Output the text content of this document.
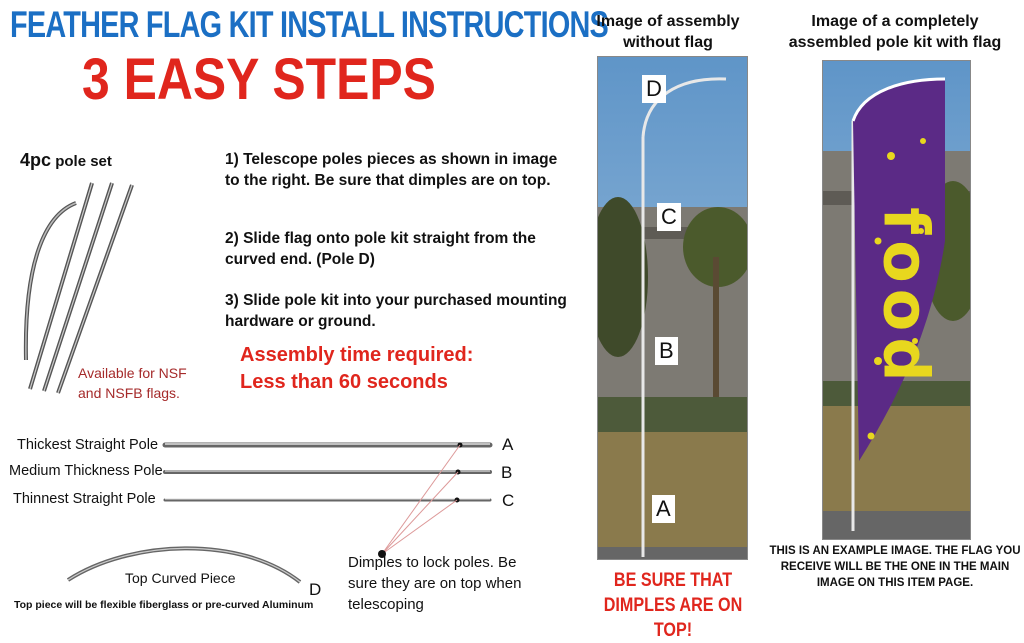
FEATHER FLAG KIT INSTALL INSTRUCTIONS
3 EASY STEPS
4pc pole set
Available for NSF and NSFB flags.
1) Telescope poles pieces as shown in image to the right. Be sure that dimples are on top.
2) Slide flag onto pole kit straight from the curved end. (Pole D)
3) Slide pole kit into your purchased mounting hardware or ground.
Assembly time required:
Less than 60 seconds
Thickest Straight Pole
Medium Thickness Pole
Thinnest Straight Pole
A
B
C
Top Curved Piece
D
Dimples to lock poles. Be sure they are on top when telescoping
Top piece will be flexible fiberglass or pre-curved Aluminum
Image of assembly without flag
D
C
B
A
BE SURE THAT DIMPLES ARE ON TOP!
Image of a completely assembled pole kit with flag
food
THIS IS AN EXAMPLE IMAGE. THE FLAG YOU RECEIVE WILL BE THE ONE IN THE MAIN IMAGE ON THIS ITEM PAGE.
